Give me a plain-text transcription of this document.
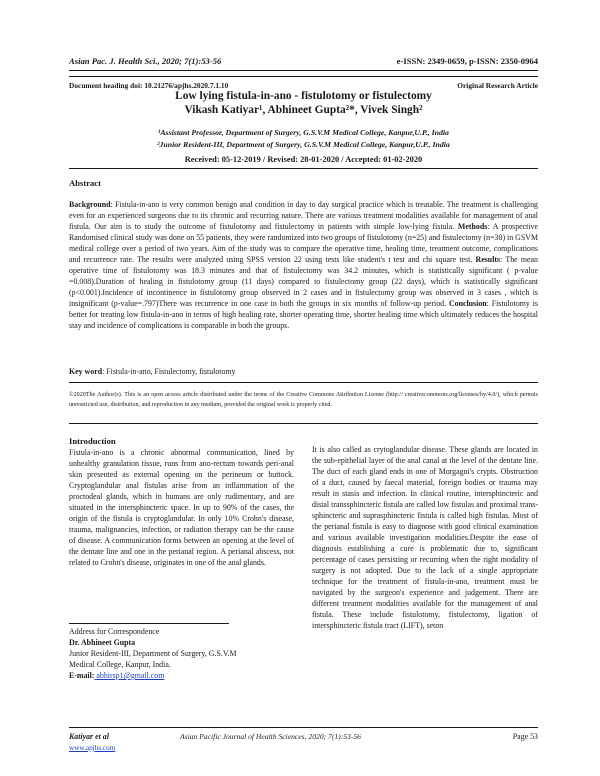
Asian Pac. J. Health Sci., 2020; 7(1):53-56	e-ISSN: 2349-0659, p-ISSN: 2350-0964
Document heading doi: 10.21276/apjhs.2020.7.1.10	Original Research Article
Low lying fistula-in-ano - fistulotomy or fistulectomy
Vikash Katiyar¹, Abhineet Gupta²*, Vivek Singh²
¹Assistant Professor, Department of Surgery, G.S.V.M Medical College, Kanpur,U.P., India
²Junior Resident-III, Department of Surgery, G.S.V.M Medical College, Kanpur,U.P., India
Received: 05-12-2019 / Revised: 28-01-2020 / Accepted: 01-02-2020
Abstract
Background: Fistula-in-ano is very common benign anal condition in day to day surgical practice which is treatable. The treatment is challenging even for an experienced surgeons due to its chronic and recurring nature. There are various treatment modalities available for management of anal fistula. Our aim is to study the outcome of fistulotomy and fistulectomy in patients with simple low-lying fistula. Methods: A prospective Randomised clinical study was done on 55 patients, they were randomized into two groups of fistulotomy (n=25) and fistulectomy (n=30) in GSVM medical college over a period of two years. Aim of the study was to compare the operative time, healing time, treatment outcome, complications and recurrence rate. The results were analyzed using SPSS version 22 using tests like student's t test and chi square test. Results: The mean operative time of fistulotomy was 18.3 minutes and that of fistulectomy was 34.2 minutes, which is statistically significant ( p-value =0.008).Duration of healing in fistulotomy group (11 days) compared to fistulectomy group (22 days), which is statistically significant (p<0.001).Incidence of incontinence in fistulotomy group observed in 2 cases and in fistulectomy group was observed in 3 cases , which is insignificant (p-value=.797)There was recurrence in one case in both the groups in six months of follow-up period. Conclusion: Fistulotomy is better for treating low fistula-in-ano in terms of high healing rate, shorter operating time, shorter healing time which ultimately reduces the hospital stay and incidence of complications is comparable in both the groups.
Key word: Fistula-in-ano, Fistulectomy, fistulotomy
©2020The Author(s). This is an open access article distributed under the terms of the Creative Commons Attribution License (http:// creativecommons.org/licenses/by/4.0/), which permits unrestricted use, distribution, and reproduction in any medium, provided the original work is properly cited.
Introduction
Fistula-in-ano is a chronic abnormal communication, lined by unhealthy granulation tissue, runs from ano-rectum towards peri-anal skin presented as external opening on the perineum or buttock. Cryptoglandular anal fistulas arise from an inflammation of the proctodeal glands, which in humans are only rudimentary, and are situated in the intersphincteric space. In up to 90% of the cases, the origin of the fistula is cryptoglandular. In only 10% Crohn's disease, trauma, malignancies, infection, or radiation therapy can be the cause of disease. A communication forms between an opening at the level of the dentate line and one in the perianal region. A perianal abscess, not related to Crohn's disease, originates in one of the anal glands.
It is also called as crytoglandular disease. These glands are located in the sub-epithelial layer of the anal canal at the level of the dentate line. The duct of each gland ends in one of Morgagni's crypts. Obstruction of a duct, caused by faecal material, foreign bodies or trauma may result in stasis and infection. In clinical routine, intersphincteric and distal transsphincteric fistula are called low fistulas and proximal trans-sphincteric and suprasphincteric fistula is called high fistulas. Most of the perianal fistula is easy to diagnose with good clinical examination and various available investigation modalities.Despite the ease of diagnosis establishing a cure is problematic due to, significant percentage of cases persisting or recurring when the right modality of surgery is not adopted. Due to the lack of a single appropriate technique for the treatment of fistula-in-ano, treatment must be navigated by the surgeon's experience and judgement. There are different treatment modalities available for the management of anal fistula. These include fistulotomy, fistulectomy, ligation of intersphincteric fistula tract (LIFT), seton
Address for Correspondence
Dr. Abhineet Gupta
Junior Resident-III, Department of Surgery, G.S.V.M
Medical College, Kanpur, India.
E-mail: abhirsp1@gmail.com
Katiyar et al
www.apjhs.com
Asian Pacific Journal of Health Sciences, 2020; 7(1):53-56	Page 53
